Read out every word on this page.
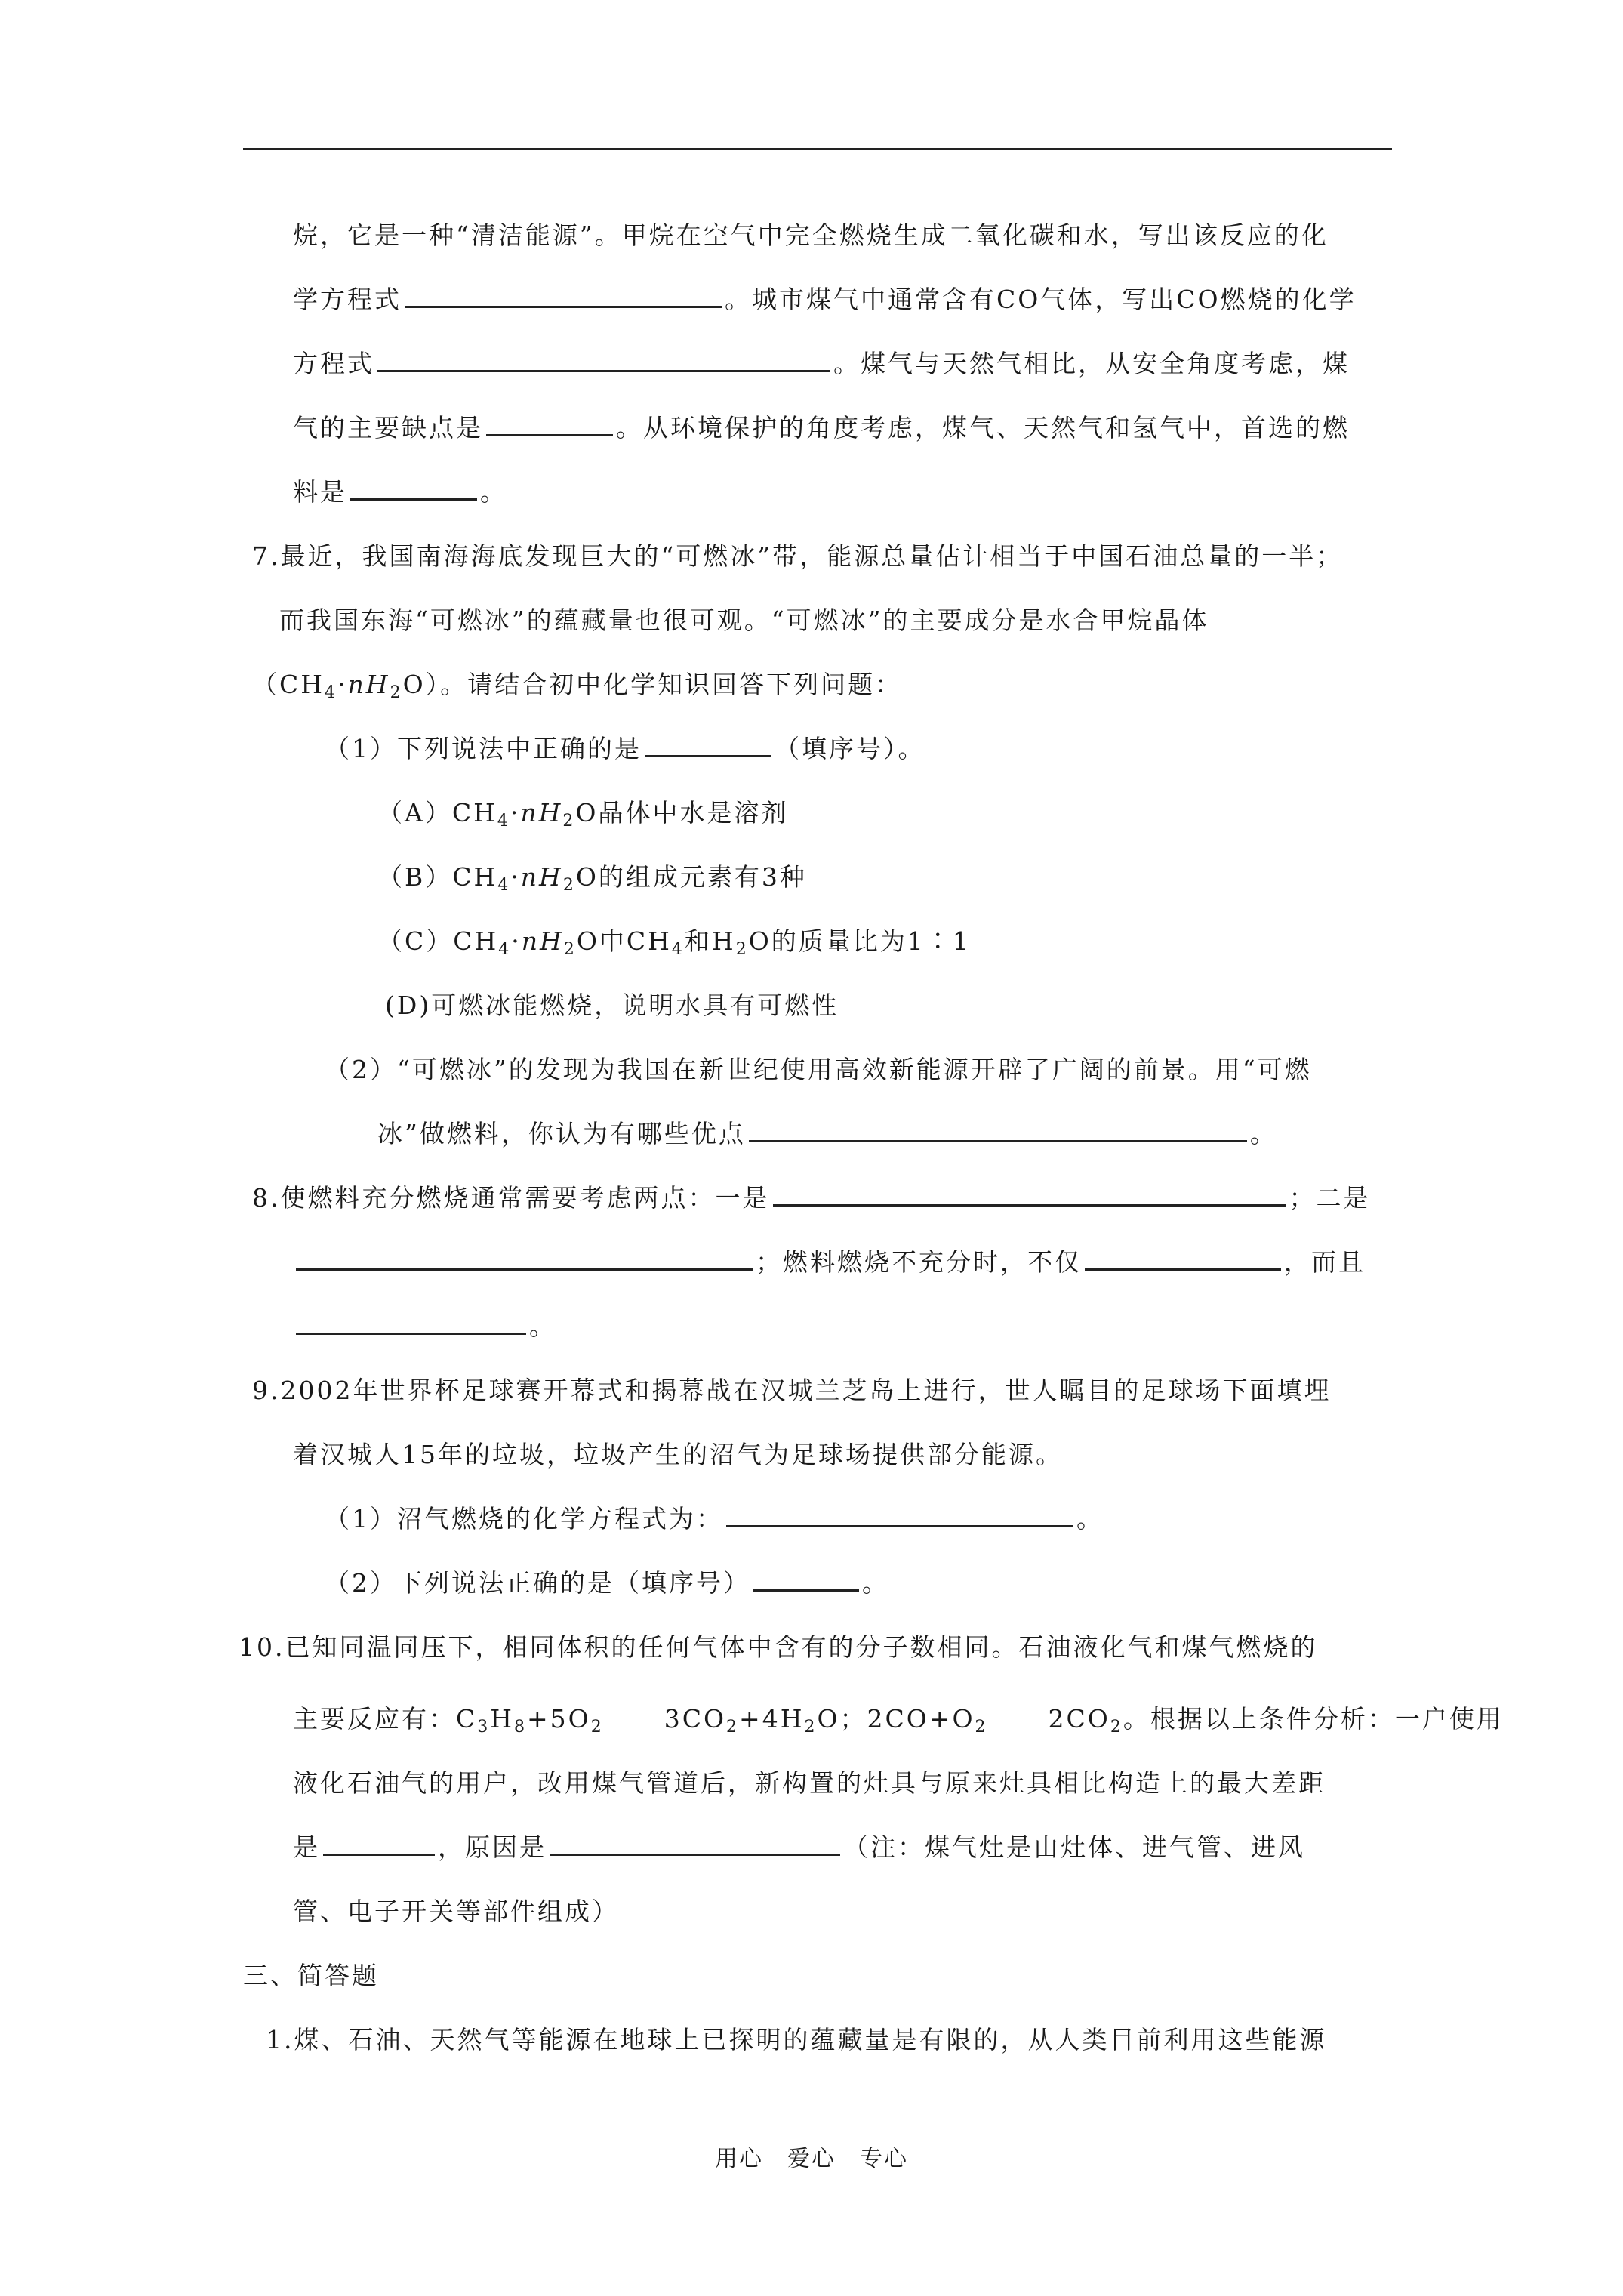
烷，它是一种“清洁能源”。甲烷在空气中完全燃烧生成二氧化碳和水，写出该反应的化
学方程式	。城市煤气中通常含有CO气体，写出CO燃烧的化学
方程式	。煤气与天然气相比，从安全角度考虑，煤
气的主要缺点是	。从环境保护的角度考虑，煤气、天然气和氢气中，首选的燃
料是	。
7.最近，我国南海海底发现巨大的“可燃冰”带，能源总量估计相当于中国石油总量的一半；
而我国东海“可燃冰”的蕴藏量也很可观。“可燃冰”的主要成分是水合甲烷晶体
$(CH_4\cdot nH_2O)$。请结合初中化学知识回答下列问题：
（1）下列说法中正确的是	（填序号）。
$(A)CH_4\cdot nH_2O$晶体中水是溶剂
$(B)CH_4\cdot nH_2O$的组成元素有3种
$(C)CH_4\cdot nH_2O$中$CH_4$和$H_2O$的质量比为1∶1
(D)可燃冰能燃烧，说明水具有可燃性
（2）“可燃冰”的发现为我国在新世纪使用高效新能源开辟了广阔的前景。用“可燃
冰”做燃料，你认为有哪些优点	。
8.使燃料充分燃烧通常需要考虑两点：一是	；二是
；燃料燃烧不充分时，不仅	，而且
。
9.2002年世界杯足球赛开幕式和揭幕战在汉城兰芝岛上进行，世人瞩目的足球场下面填埋
着汉城人15年的垃圾，垃圾产生的沼气为足球场提供部分能源。
（1）沼气燃烧的化学方程式为：	。
（2）下列说法正确的是（填序号）	。
10.已知同温同压下，相同体积的任何气体中含有的分子数相同。石油液化气和煤气燃烧的
主要反应有：$C_3H_8+5O_2$ $3CO_2+4H_2O$；$2CO+O_2$ $2CO_2$。根据以上条件分析：一户使用
液化石油气的用户，改用煤气管道后，新构置的灶具与原来灶具相比构造上的最大差距
是	，原因是	（注：煤气灶是由灶体、进气管、进风
管、电子开关等部件组成）
三、简答题
1.煤、石油、天然气等能源在地球上已探明的蕴藏量是有限的，从人类目前利用这些能源
用心　爱心　专心
